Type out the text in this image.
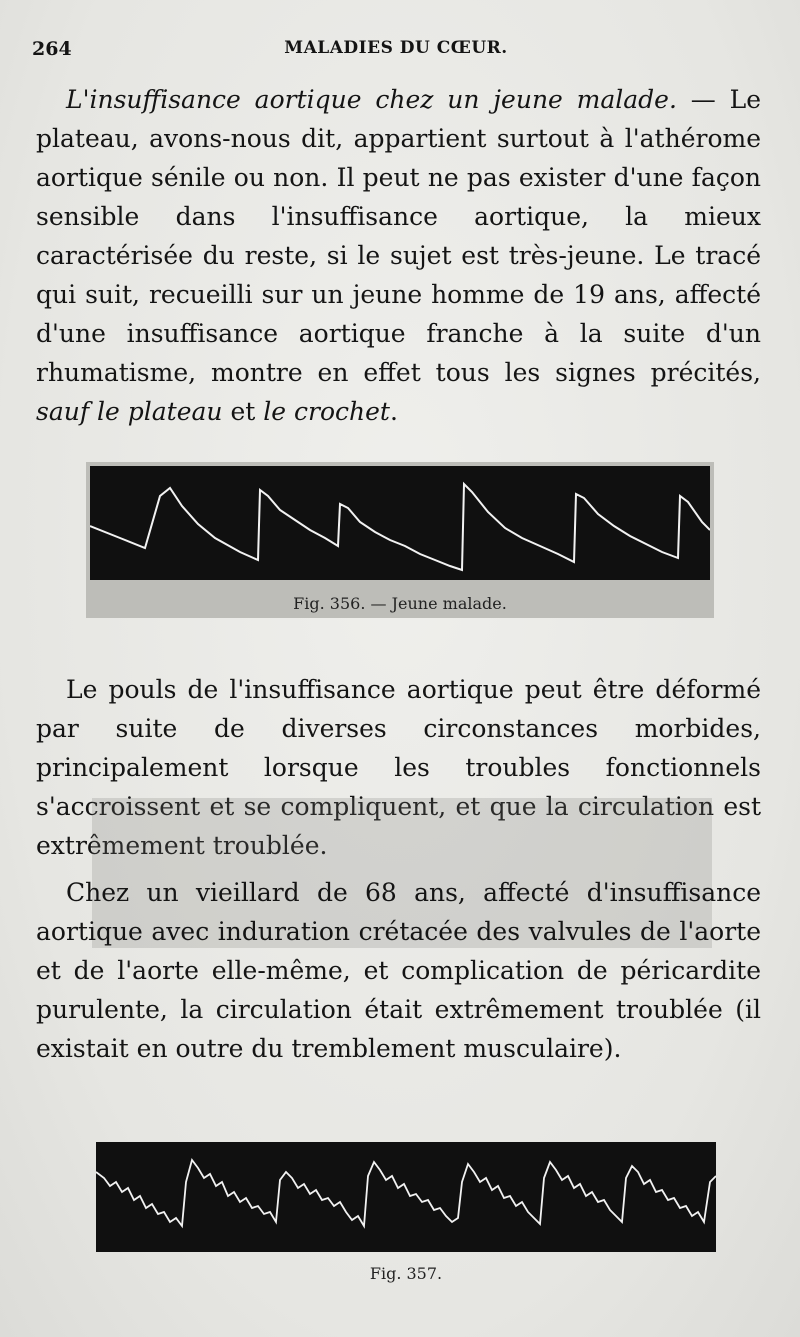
264	MALADIES DU CŒUR.

L'insuffisance aortique chez un jeune malade. — Le plateau, avons-nous dit, appartient surtout à l'athérome aortique sénile ou non. Il peut ne pas exister d'une façon sensible dans l'insuffisance aortique, la mieux caractérisée du reste, si le sujet est très-jeune. Le tracé qui suit, recueilli sur un jeune homme de 19 ans, affecté d'une insuffisance aortique franche à la suite d'un rhumatisme, montre en effet tous les signes précités, sauf le plateau et le crochet.

Fig. 356. — Jeune malade.

Le pouls de l'insuffisance aortique peut être déformé par suite de diverses circonstances morbides, principalement lorsque les troubles fonctionnels s'accroissent et se compliquent, et que la circulation est extrêmement troublée.

Chez un vieillard de 68 ans, affecté d'insuffisance aortique avec induration crétacée des valvules de l'aorte et de l'aorte elle-même, et complication de péricardite purulente, la circulation était extrêmement troublée (il existait en outre du tremblement musculaire).

Fig. 357.
